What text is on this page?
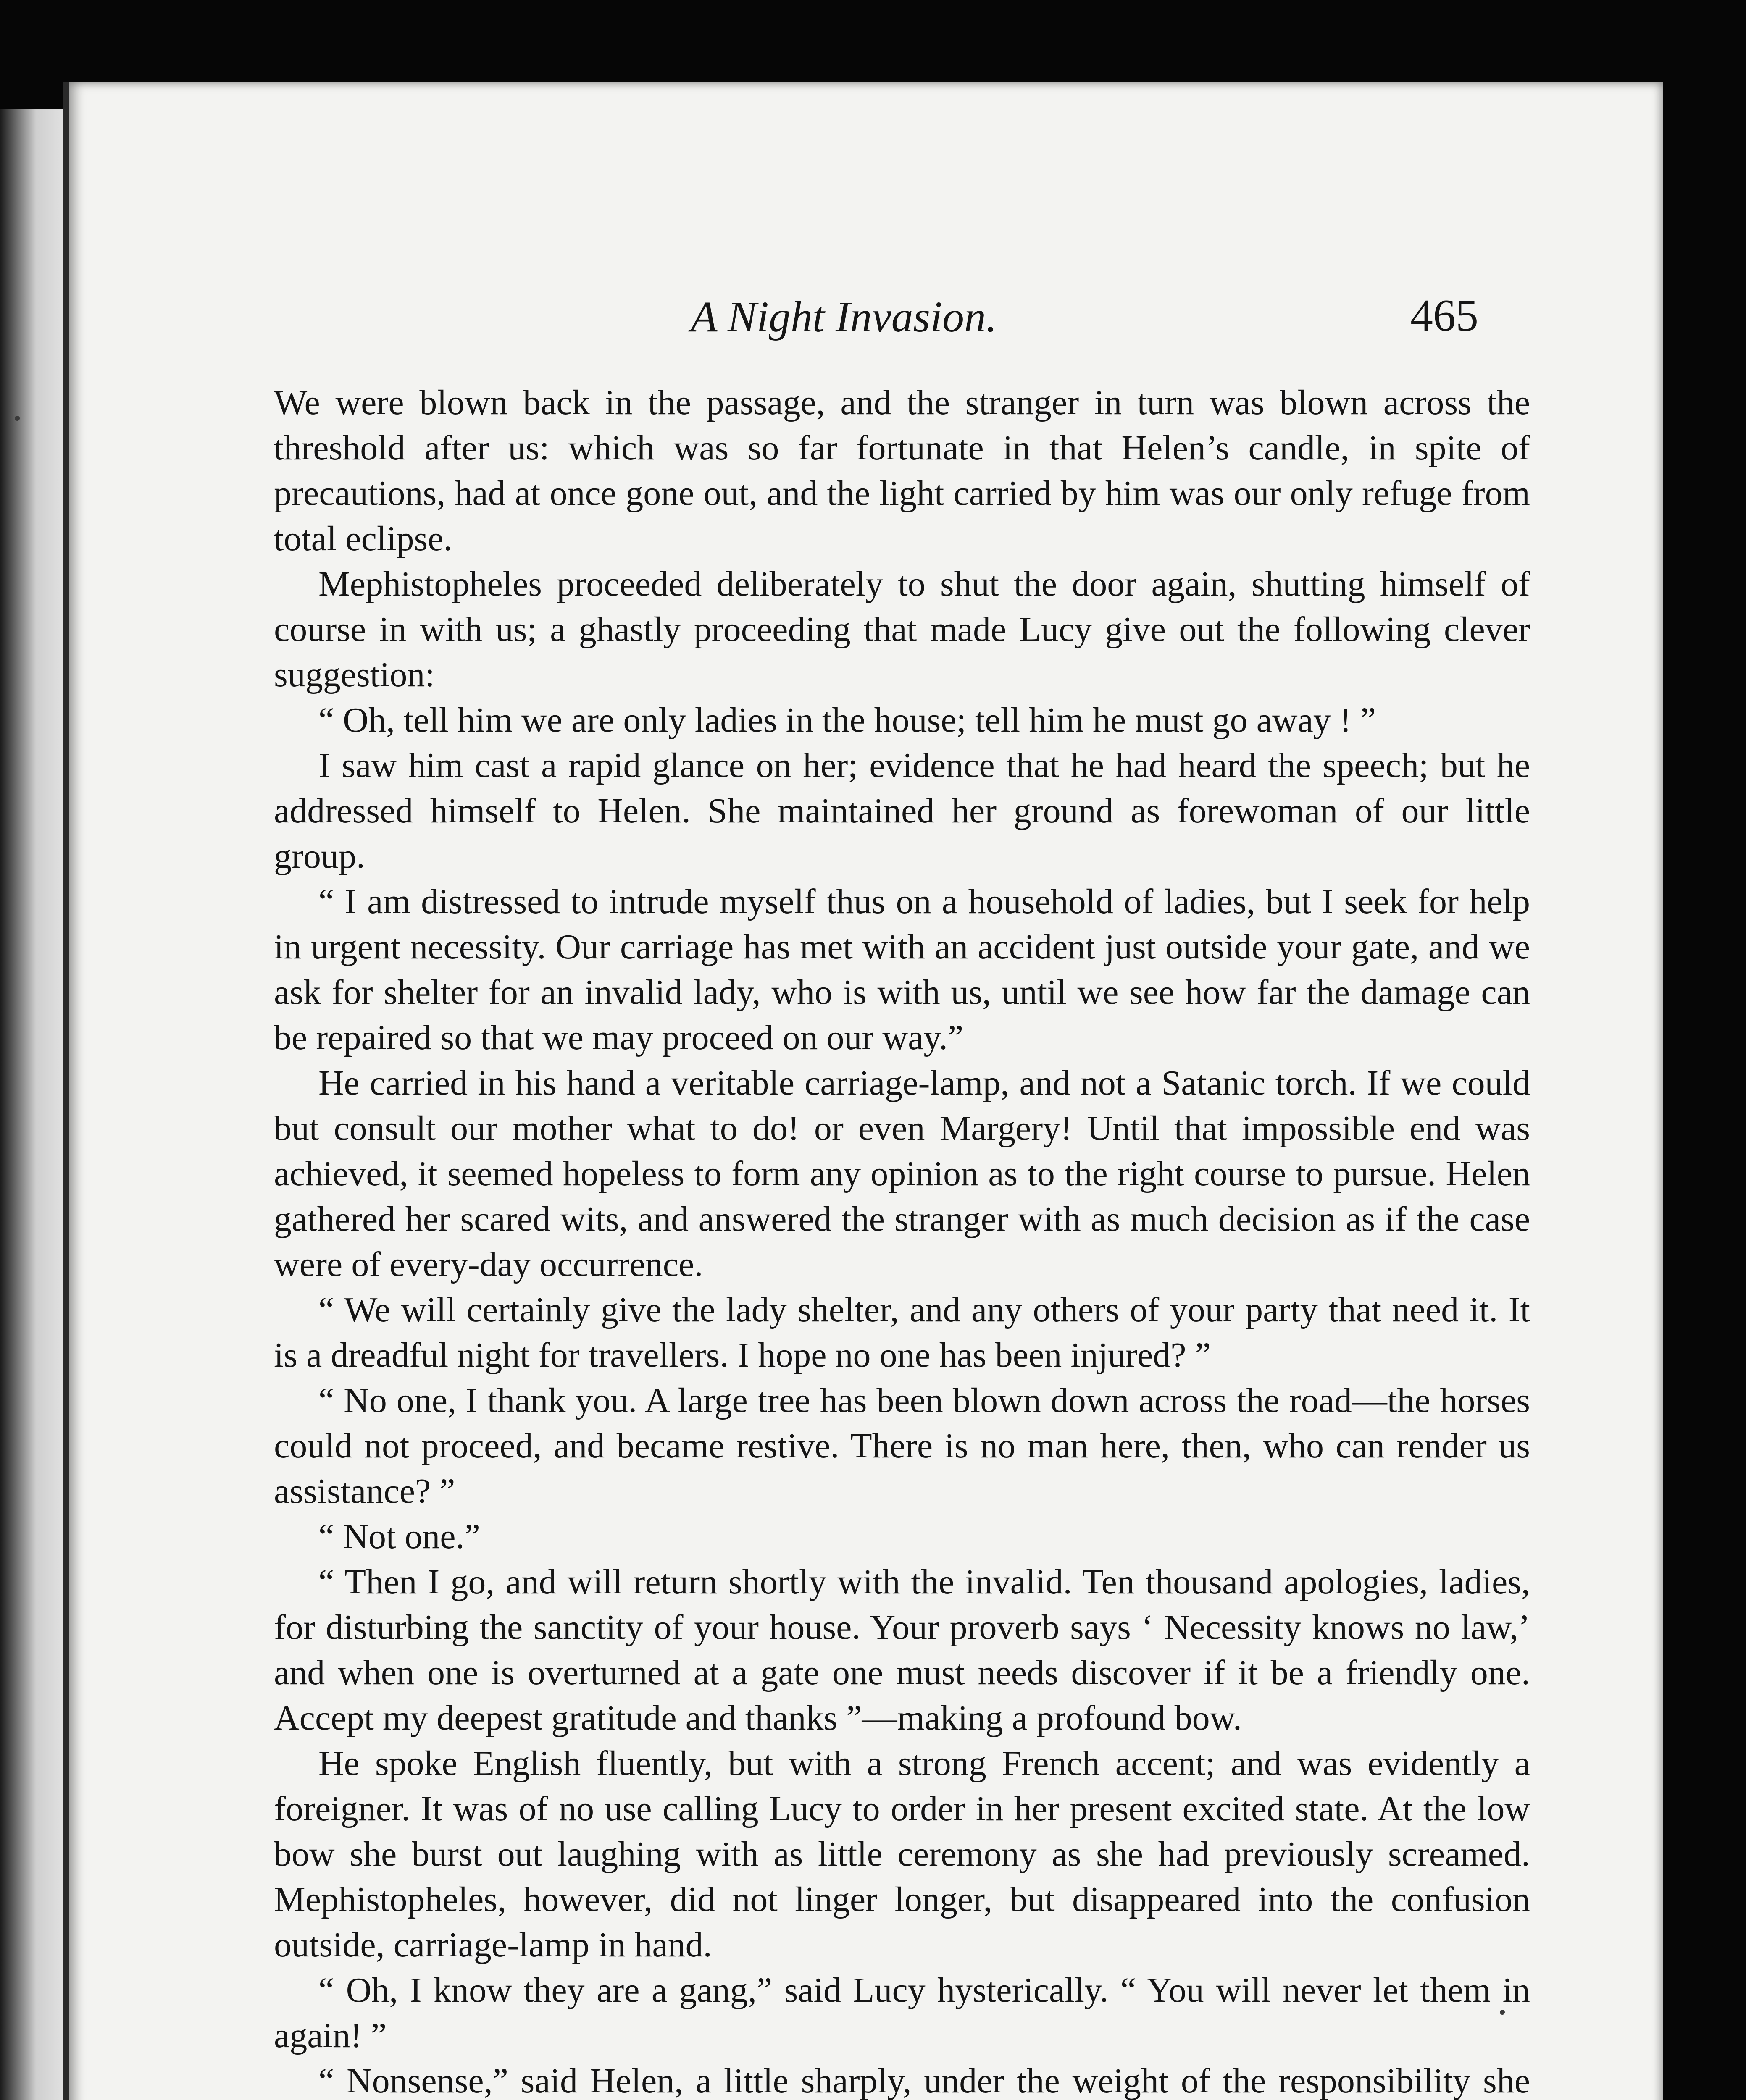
A Night Invasion.	465

We were blown back in the passage, and the stranger in turn was blown across the threshold after us: which was so far fortunate in that Helen’s candle, in spite of precautions, had at once gone out, and the light carried by him was our only refuge from total eclipse.

Mephistopheles proceeded deliberately to shut the door again, shutting himself of course in with us; a ghastly proceeding that made Lucy give out the following clever suggestion:

“ Oh, tell him we are only ladies in the house; tell him he must go away ! ”

I saw him cast a rapid glance on her; evidence that he had heard the speech; but he addressed himself to Helen. She maintained her ground as forewoman of our little group.

“ I am distressed to intrude myself thus on a household of ladies, but I seek for help in urgent necessity. Our carriage has met with an accident just outside your gate, and we ask for shelter for an invalid lady, who is with us, until we see how far the damage can be repaired so that we may proceed on our way.”

He carried in his hand a veritable carriage-lamp, and not a Satanic torch. If we could but consult our mother what to do! or even Margery! Until that impossible end was achieved, it seemed hopeless to form any opinion as to the right course to pursue. Helen gathered her scared wits, and answered the stranger with as much decision as if the case were of every-day occurrence.

“ We will certainly give the lady shelter, and any others of your party that need it. It is a dreadful night for travellers. I hope no one has been injured? ”

“ No one, I thank you. A large tree has been blown down across the road—the horses could not proceed, and became restive. There is no man here, then, who can render us assistance? ”

“ Not one.”

“ Then I go, and will return shortly with the invalid. Ten thousand apologies, ladies, for disturbing the sanctity of your house. Your proverb says ‘ Necessity knows no law,’ and when one is overturned at a gate one must needs discover if it be a friendly one. Accept my deepest gratitude and thanks ”—making a profound bow.

He spoke English fluently, but with a strong French accent; and was evidently a foreigner. It was of no use calling Lucy to order in her present excited state. At the low bow she burst out laughing with as little ceremony as she had previously screamed. Mephistopheles, however, did not linger longer, but disappeared into the confusion outside, carriage-lamp in hand.

“ Oh, I know they are a gang,” said Lucy hysterically. “ You will never let them in again! ”

“ Nonsense,” said Helen, a little sharply, under the weight of the responsibility she
